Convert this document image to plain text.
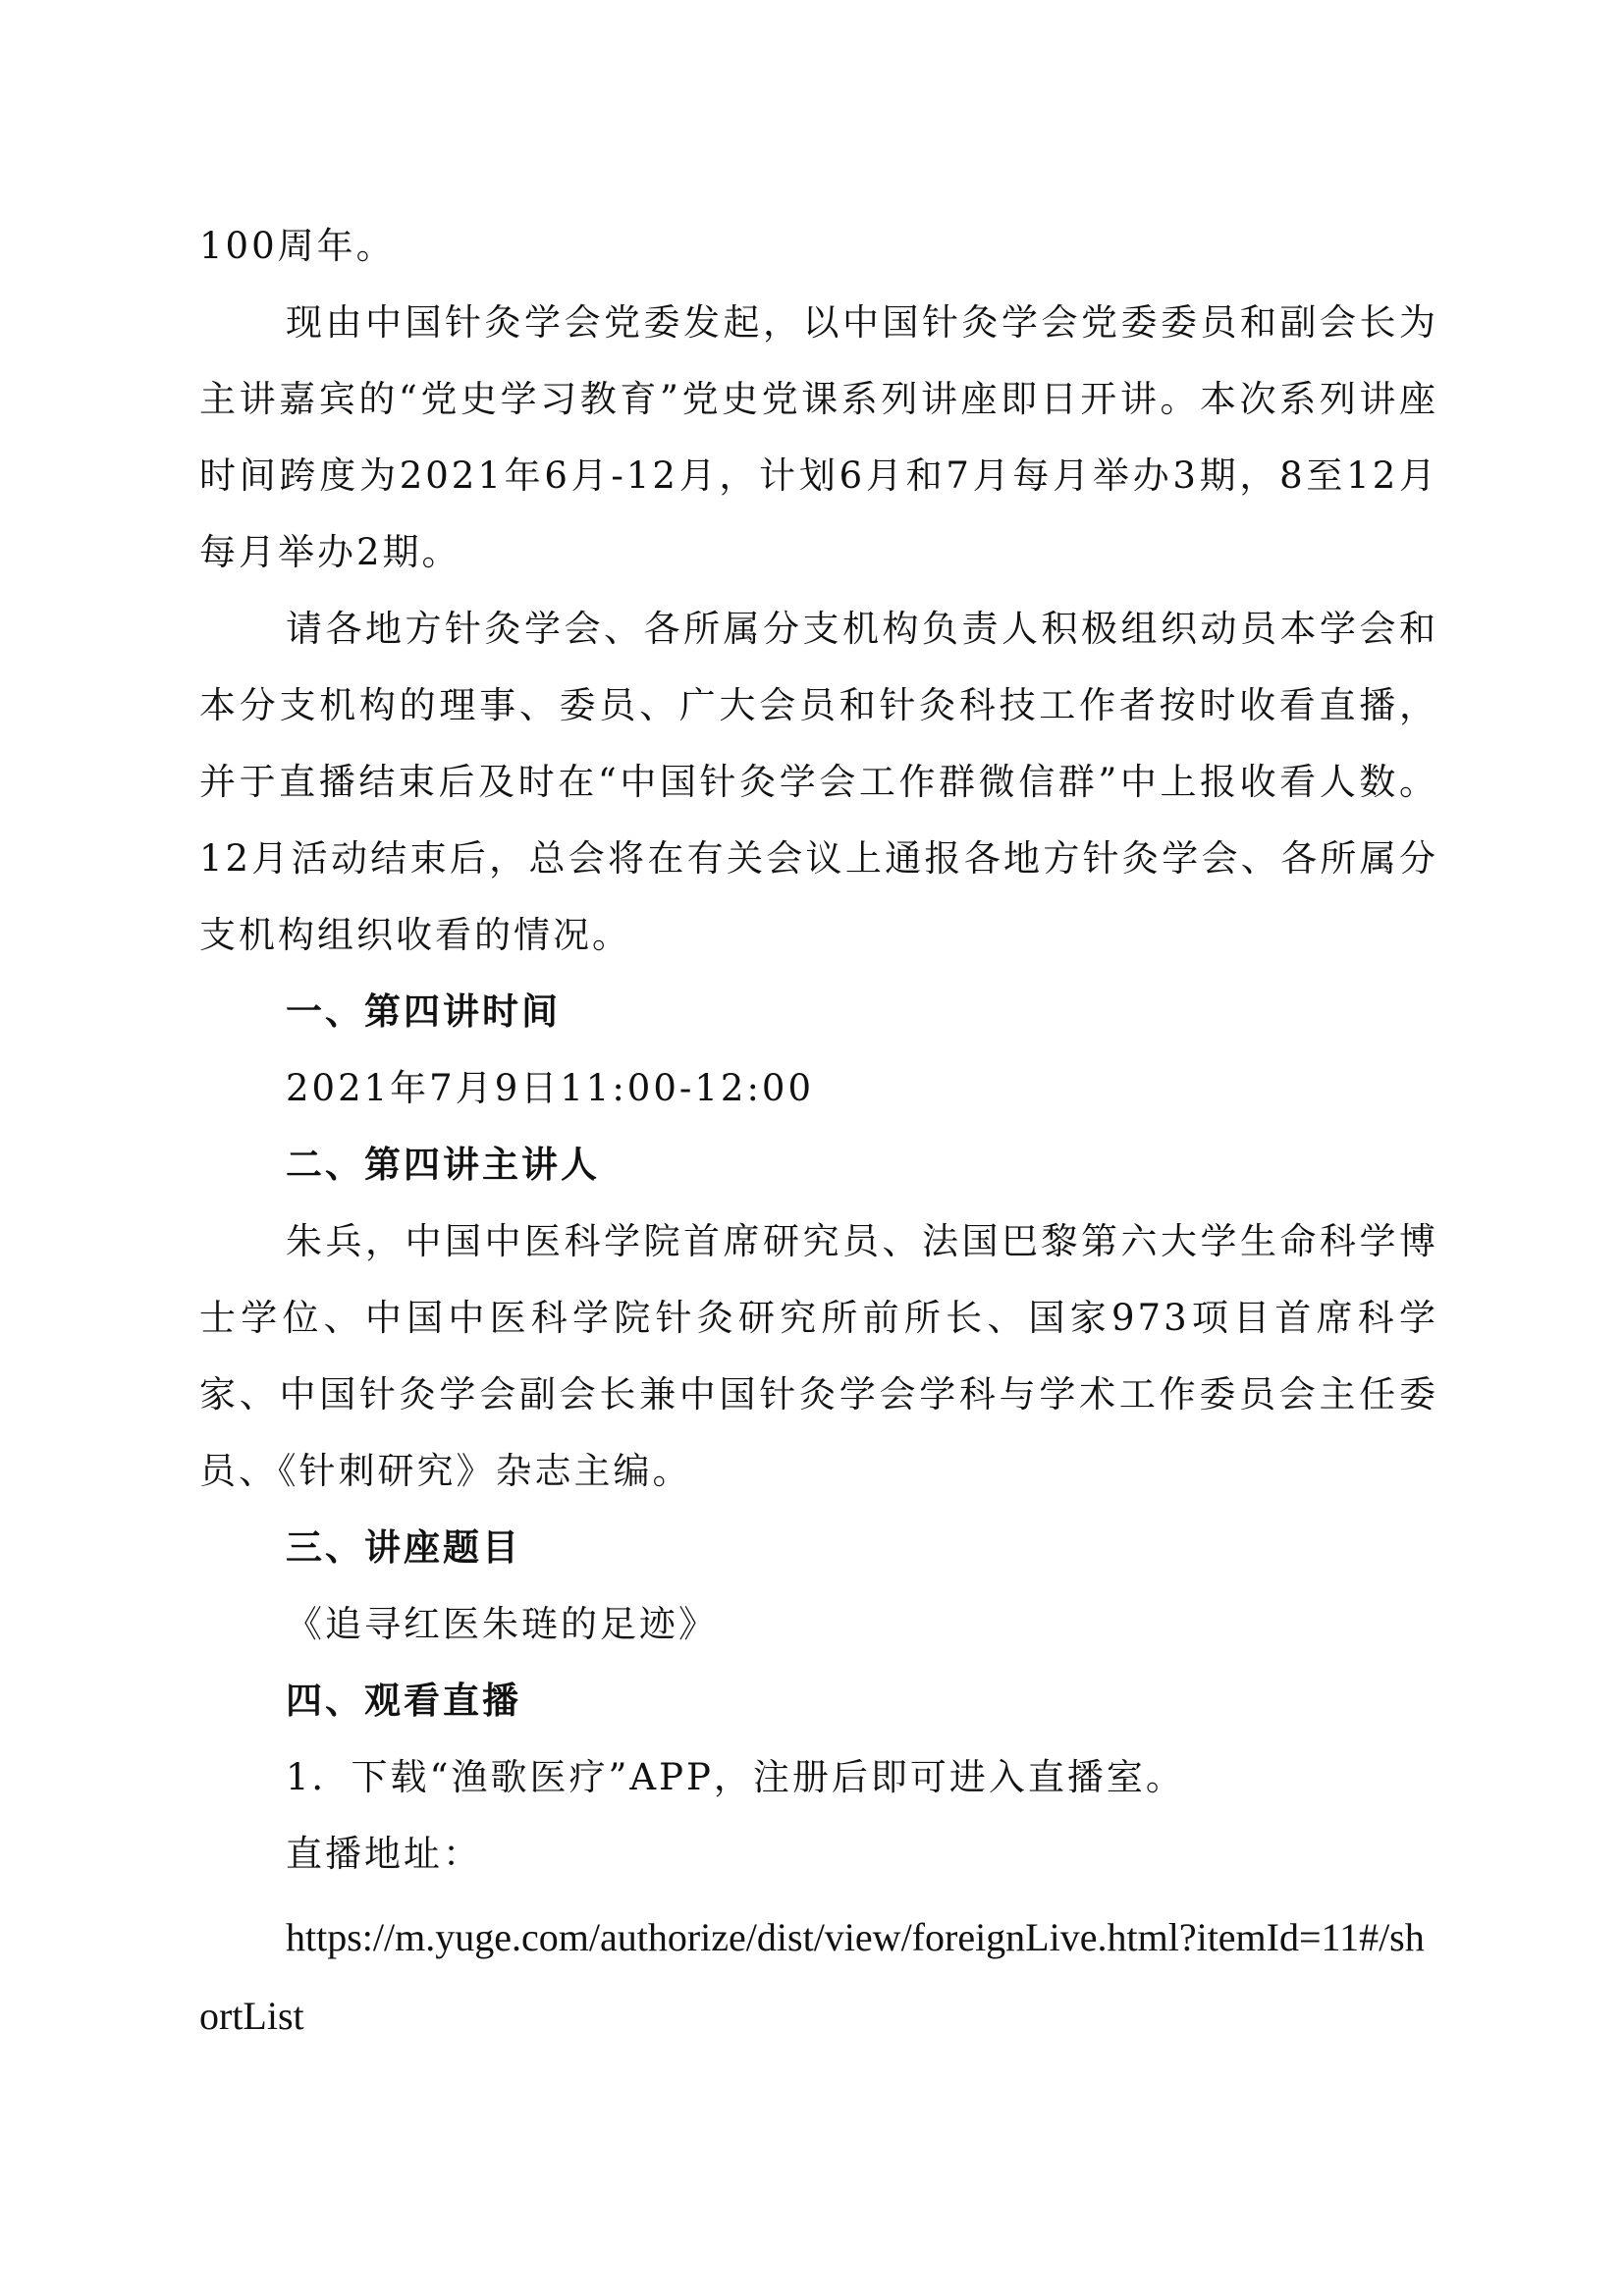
100周年。

现由中国针灸学会党委发起，以中国针灸学会党委委员和副会长为主讲嘉宾的“党史学习教育”党史党课系列讲座即日开讲。本次系列讲座时间跨度为2021年6月-12月，计划6月和7月每月举办3期，8至12月每月举办2期。

请各地方针灸学会、各所属分支机构负责人积极组织动员本学会和本分支机构的理事、委员、广大会员和针灸科技工作者按时收看直播，并于直播结束后及时在“中国针灸学会工作群微信群”中上报收看人数。12月活动结束后，总会将在有关会议上通报各地方针灸学会、各所属分支机构组织收看的情况。

一、第四讲时间

2021年7月9日11:00-12:00

二、第四讲主讲人

朱兵，中国中医科学院首席研究员、法国巴黎第六大学生命科学博士学位、中国中医科学院针灸研究所前所长、国家973项目首席科学家、中国针灸学会副会长兼中国针灸学会学科与学术工作委员会主任委员、《针刺研究》杂志主编。

三、讲座题目

《追寻红医朱琏的足迹》

四、观看直播

1．下载“渔歌医疗”APP，注册后即可进入直播室。

直播地址：

https://m.yuge.com/authorize/dist/view/foreignLive.html?itemId=11#/shortList
